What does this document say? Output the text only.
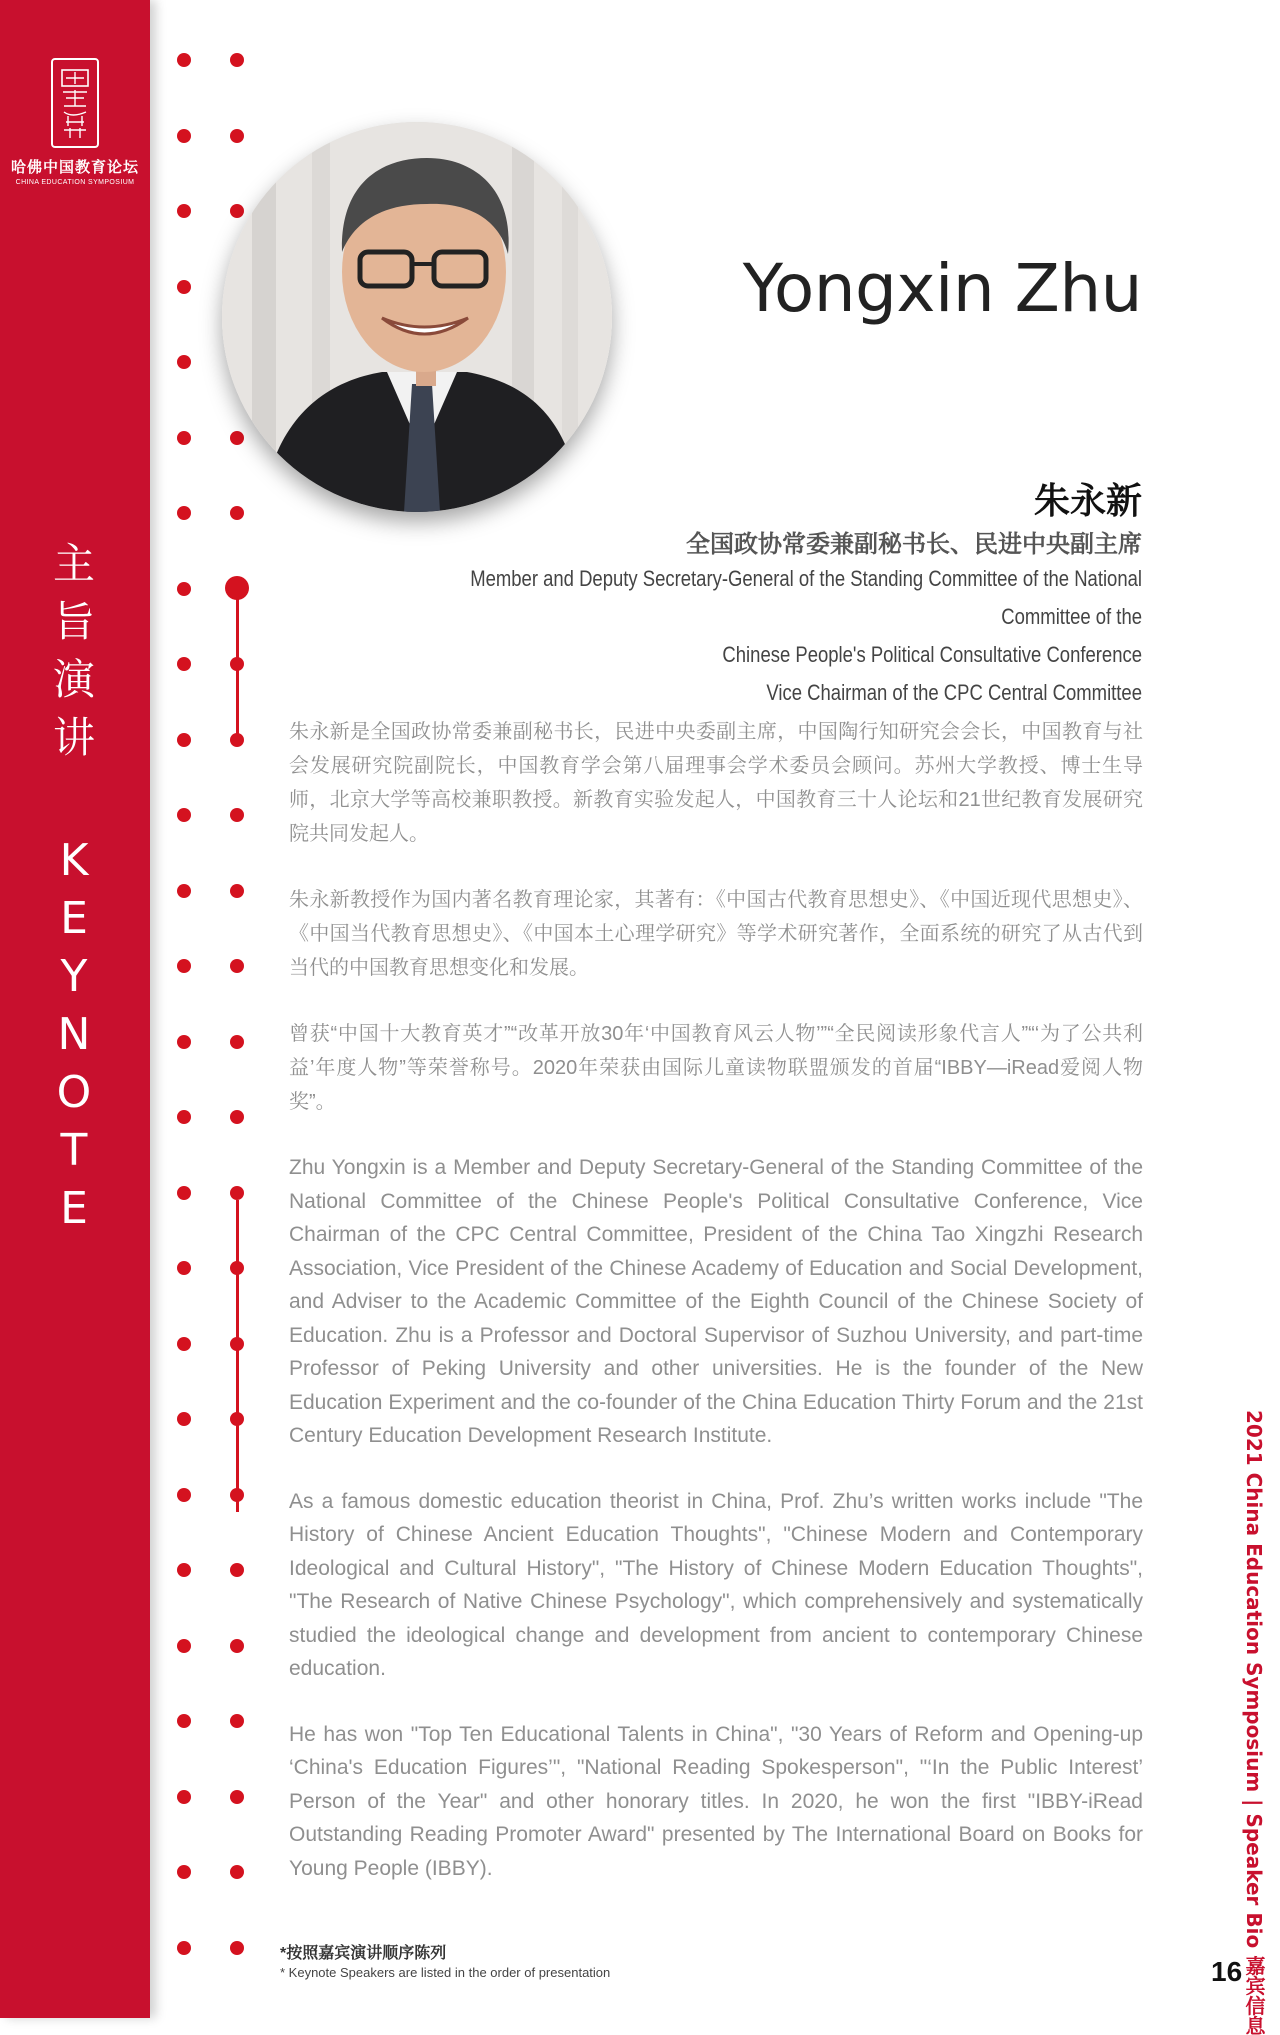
哈佛中国教育论坛
CHINA EDUCATION SYMPOSIUM
主
旨
演
讲
K
E
Y
N
O
T
E
Yongxin Zhu
朱永新
全国政协常委兼副秘书长、民进中央副主席
Member and Deputy Secretary-General of the Standing Committee of the National Committee of the
Chinese People's Political Consultative Conference
Vice Chairman of the CPC Central Committee

朱永新是全国政协常委兼副秘书长，民进中央委副主席，中国陶行知研究会会长，中国教育与社会发展研究院副院长，中国教育学会第八届理事会学术委员会顾问。苏州大学教授、博士生导师，北京大学等高校兼职教授。新教育实验发起人，中国教育三十人论坛和21世纪教育发展研究院共同发起人。

朱永新教授作为国内著名教育理论家，其著有：《中国古代教育思想史》、《中国近现代思想史》、《中国当代教育思想史》、《中国本土心理学研究》等学术研究著作，全面系统的研究了从古代到当代的中国教育思想变化和发展。

曾获“中国十大教育英才”“改革开放30年‘中国教育风云人物’”“全民阅读形象代言人”“‘为了公共利益’年度人物”等荣誉称号。2020年荣获由国际儿童读物联盟颁发的首届“IBBY—iRead爱阅人物奖”。

Zhu Yongxin is a Member and Deputy Secretary-General of the Standing Committee of the National Committee of the Chinese People's Political Consultative Conference, Vice Chairman of the CPC Central Committee, President of the China Tao Xingzhi Research Association, Vice President of the Chinese Academy of Education and Social Development, and Adviser to the Academic Committee of the Eighth Council of the Chinese Society of Education. Zhu is a Professor and Doctoral Supervisor of Suzhou University, and part-time Professor of Peking University and other universities. He is the founder of the New Education Experiment and the co-founder of the China Education Thirty Forum and the 21st Century Education Development Research Institute.

As a famous domestic education theorist in China, Prof. Zhu’s written works include "The History of Chinese Ancient Education Thoughts", "Chinese Modern and Contemporary Ideological and Cultural History", "The History of Chinese Modern Education Thoughts", "The Research of Native Chinese Psychology", which comprehensively and systematically studied the ideological change and development from ancient to contemporary Chinese education.

He has won "Top Ten Educational Talents in China", "30 Years of Reform and Opening-up ‘China's Education Figures’", "National Reading Spokesperson", "‘In the Public Interest’ Person of the Year" and other honorary titles. In 2020, he won the first "IBBY-iRead Outstanding Reading Promoter Award" presented by The International Board on Books for Young People (IBBY).

*按照嘉宾演讲顺序陈列
* Keynote Speakers are listed in the order of presentation	2021 China Education Symposium | Speaker Bio 嘉宾信息
16
